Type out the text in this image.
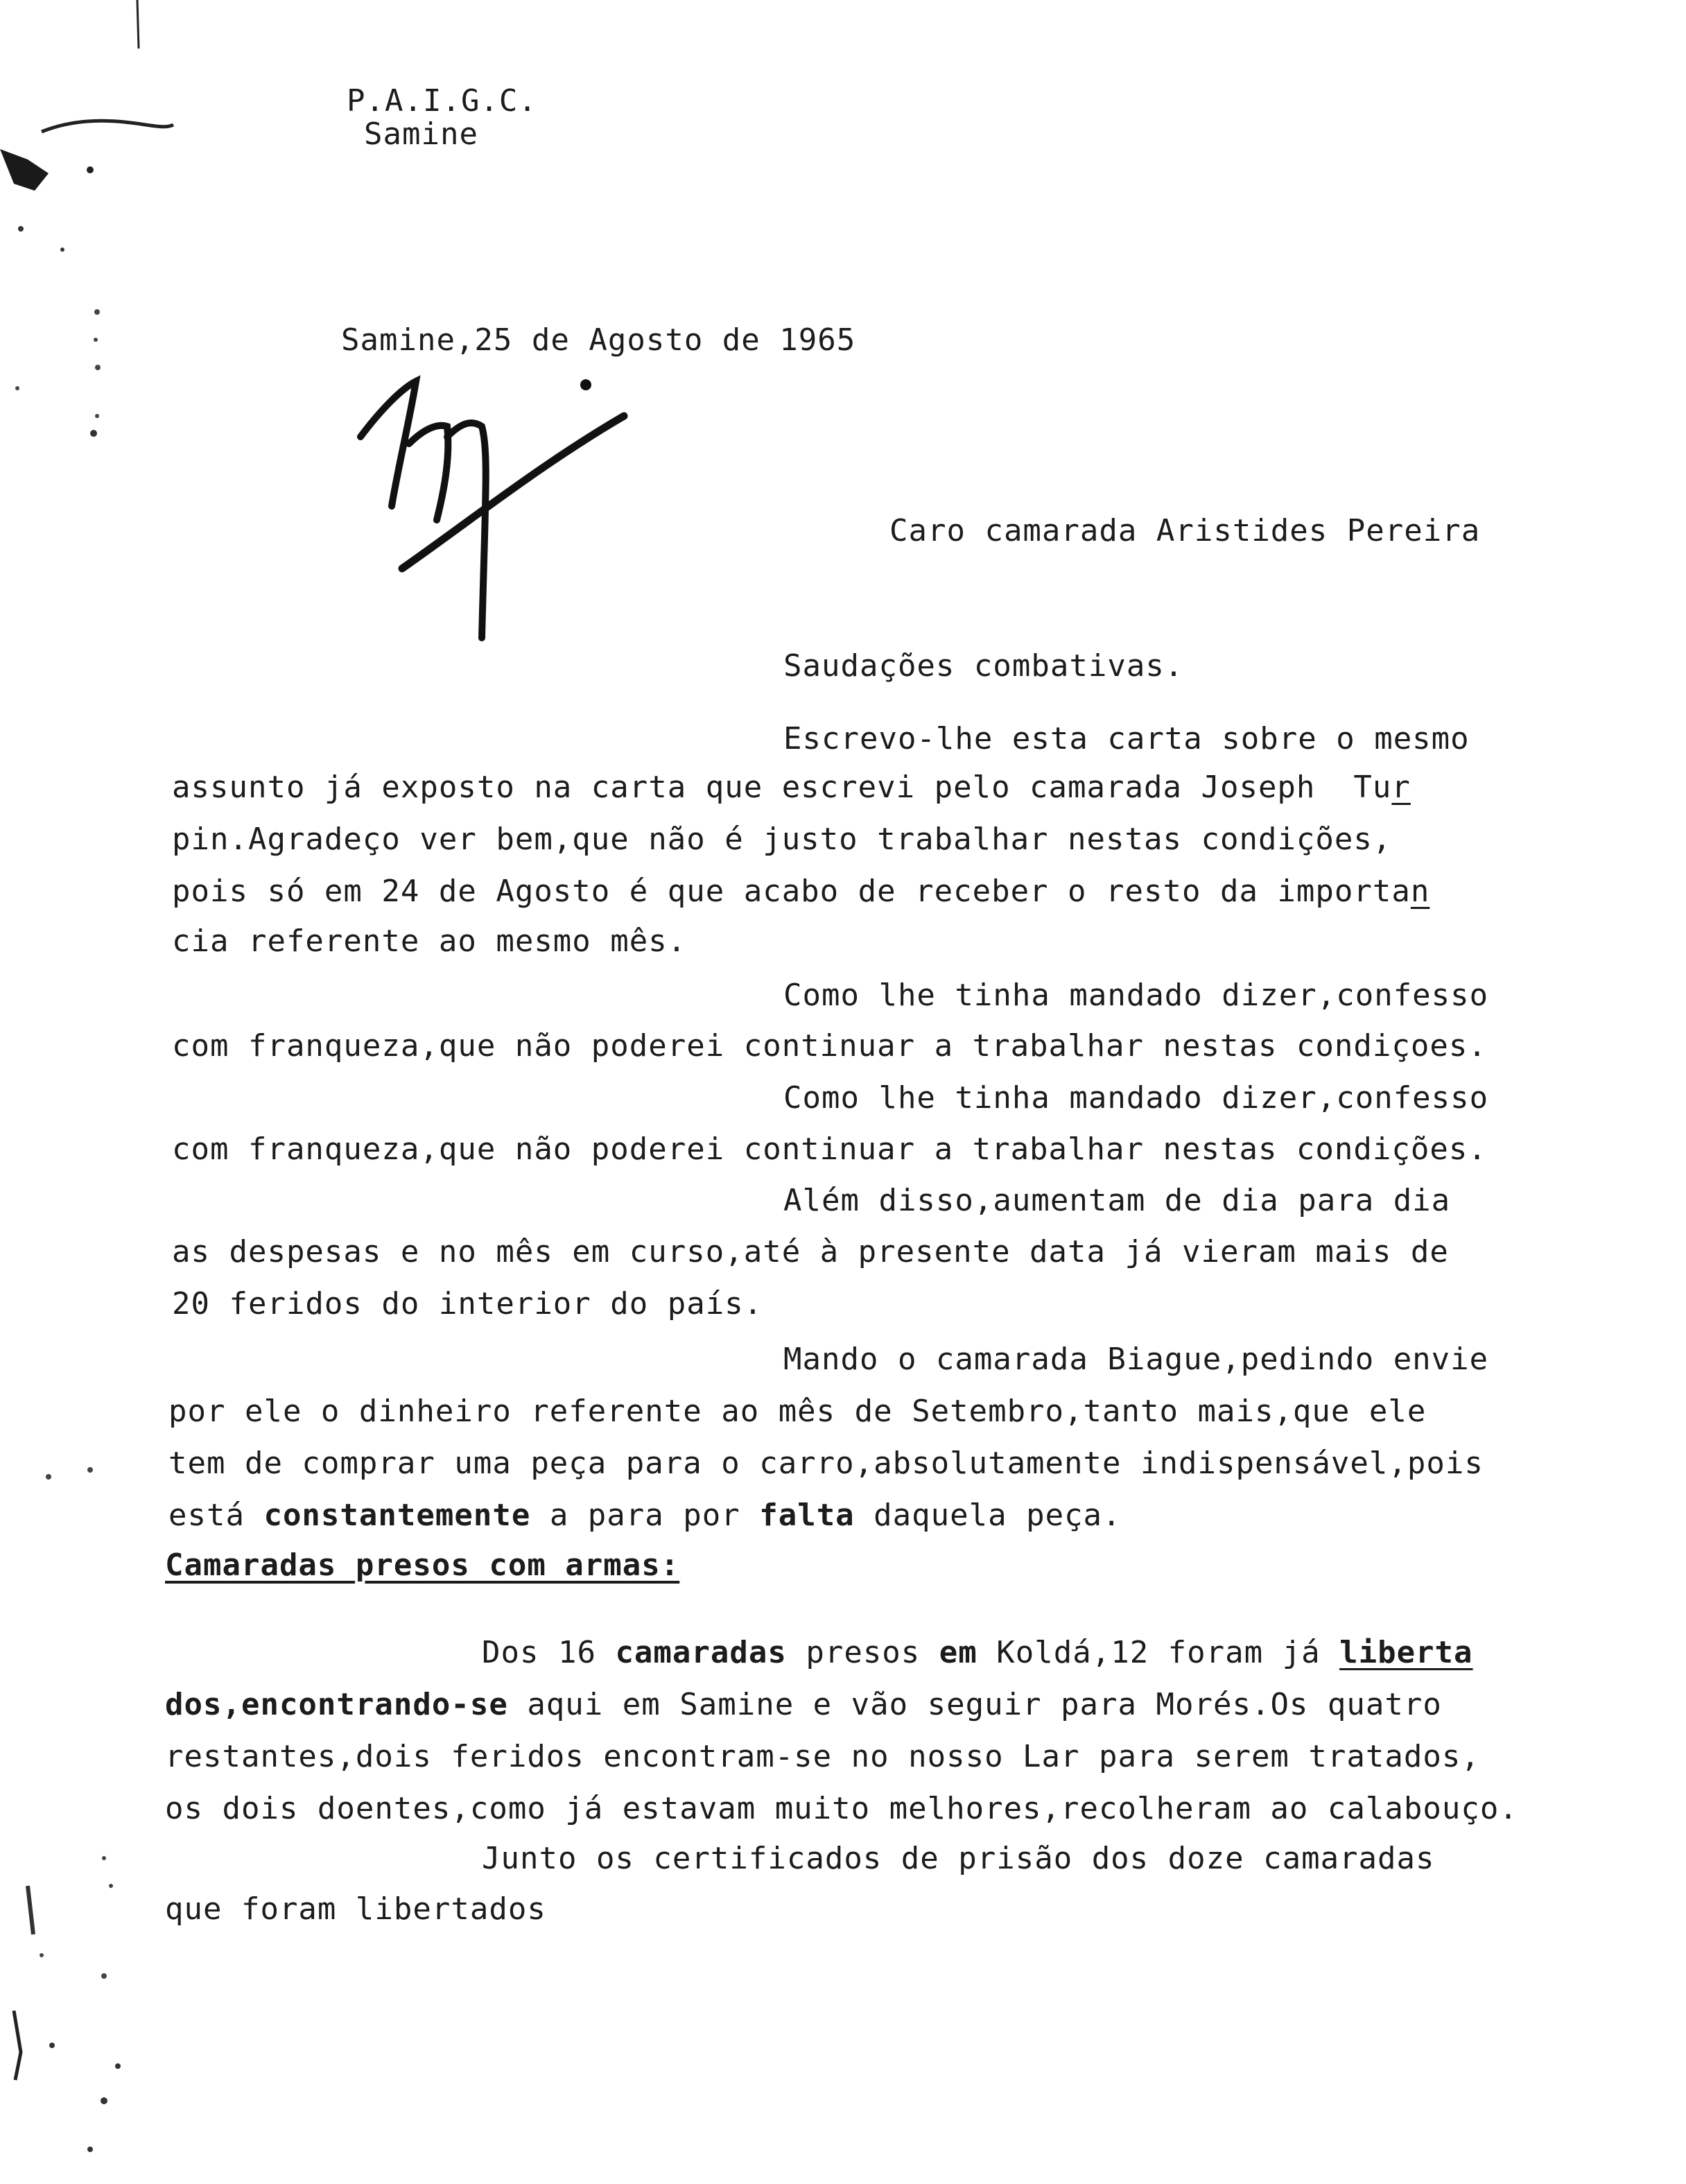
P.A.I.G.C.
Samine
Samine,25 de Agosto de 1965
Caro camarada Aristides Pereira
Saudações combativas.
Escrevo-lhe esta carta sobre o mesmo
assunto já exposto na carta que escrevi pelo camarada Joseph  Tur
pin.Agradeço ver bem,que não é justo trabalhar nestas condições,
pois só em 24 de Agosto é que acabo de receber o resto da importan
cia referente ao mesmo mês.
Como lhe tinha mandado dizer,confesso
com franqueza,que não poderei continuar a trabalhar nestas condiçoes.
Como lhe tinha mandado dizer,confesso
com franqueza,que não poderei continuar a trabalhar nestas condições.
Além disso,aumentam de dia para dia
as despesas e no mês em curso,até à presente data já vieram mais de
20 feridos do interior do país.
Mando o camarada Biague,pedindo envie
por ele o dinheiro referente ao mês de Setembro,tanto mais,que ele
tem de comprar uma peça para o carro,absolutamente indispensável,pois
está constantemente a para por falta daquela peça.
Camaradas presos com armas:
Dos 16 camaradas presos em Koldá,12 foram já liberta
dos,encontrando-se aqui em Samine e vão seguir para Morés.Os quatro
restantes,dois feridos encontram-se no nosso Lar para serem tratados,
os dois doentes,como já estavam muito melhores,recolheram ao calabouço.
Junto os certificados de prisão dos doze camaradas
que foram libertados
